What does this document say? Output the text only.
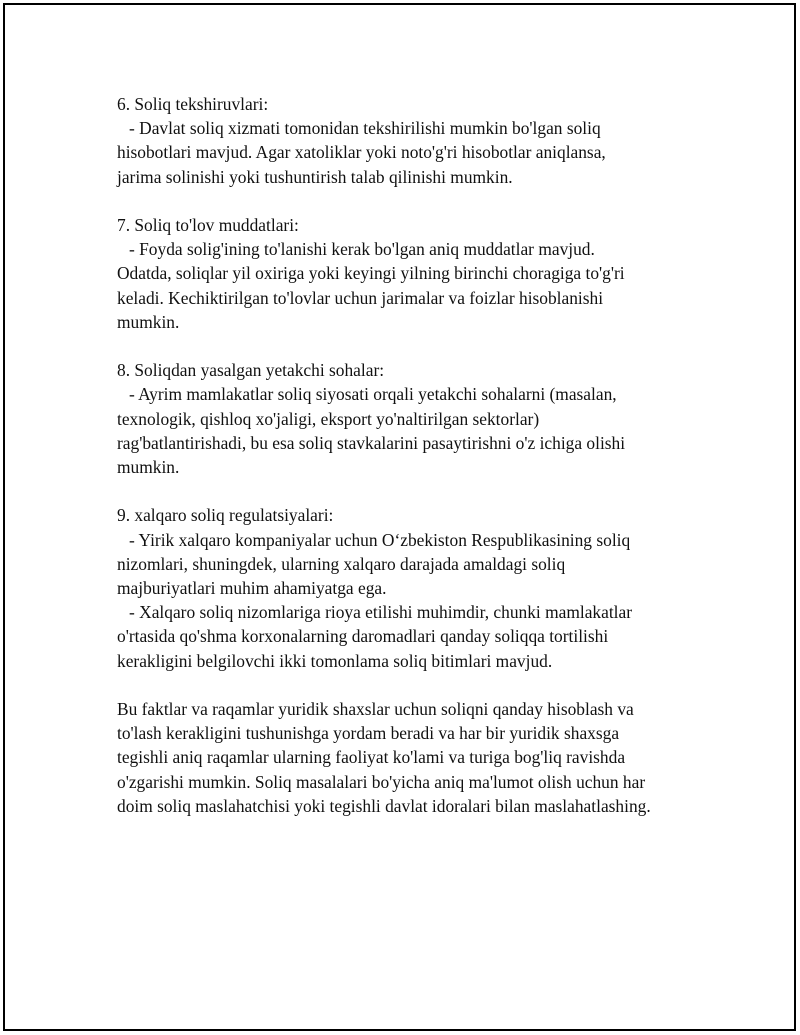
6. Soliq tekshiruvlari:
- Davlat soliq xizmati tomonidan tekshirilishi mumkin bo'lgan soliq
hisobotlari mavjud. Agar xatoliklar yoki noto'g'ri hisobotlar aniqlansa,
jarima solinishi yoki tushuntirish talab qilinishi mumkin.
7. Soliq to'lov muddatlari:
- Foyda solig'ining to'lanishi kerak bo'lgan aniq muddatlar mavjud.
Odatda, soliqlar yil oxiriga yoki keyingi yilning birinchi choragiga to'g'ri
keladi. Kechiktirilgan to'lovlar uchun jarimalar va foizlar hisoblanishi
mumkin.
8. Soliqdan yasalgan yetakchi sohalar:
- Ayrim mamlakatlar soliq siyosati orqali yetakchi sohalarni (masalan,
texnologik, qishloq xo'jaligi, eksport yo'naltirilgan sektorlar)
rag'batlantirishadi, bu esa soliq stavkalarini pasaytirishni o'z ichiga olishi
mumkin.
9. xalqaro soliq regulatsiyalari:
- Yirik xalqaro kompaniyalar uchun O‘zbekiston Respublikasining soliq
nizomlari, shuningdek, ularning xalqaro darajada amaldagi soliq
majburiyatlari muhim ahamiyatga ega.
- Xalqaro soliq nizomlariga rioya etilishi muhimdir, chunki mamlakatlar
o'rtasida qo'shma korxonalarning daromadlari qanday soliqqa tortilishi
kerakligini belgilovchi ikki tomonlama soliq bitimlari mavjud.
Bu faktlar va raqamlar yuridik shaxslar uchun soliqni qanday hisoblash va
to'lash kerakligini tushunishga yordam beradi va har bir yuridik shaxsga
tegishli aniq raqamlar ularning faoliyat ko'lami va turiga bog'liq ravishda
o'zgarishi mumkin. Soliq masalalari bo'yicha aniq ma'lumot olish uchun har
doim soliq maslahatchisi yoki tegishli davlat idoralari bilan maslahatlashing.
